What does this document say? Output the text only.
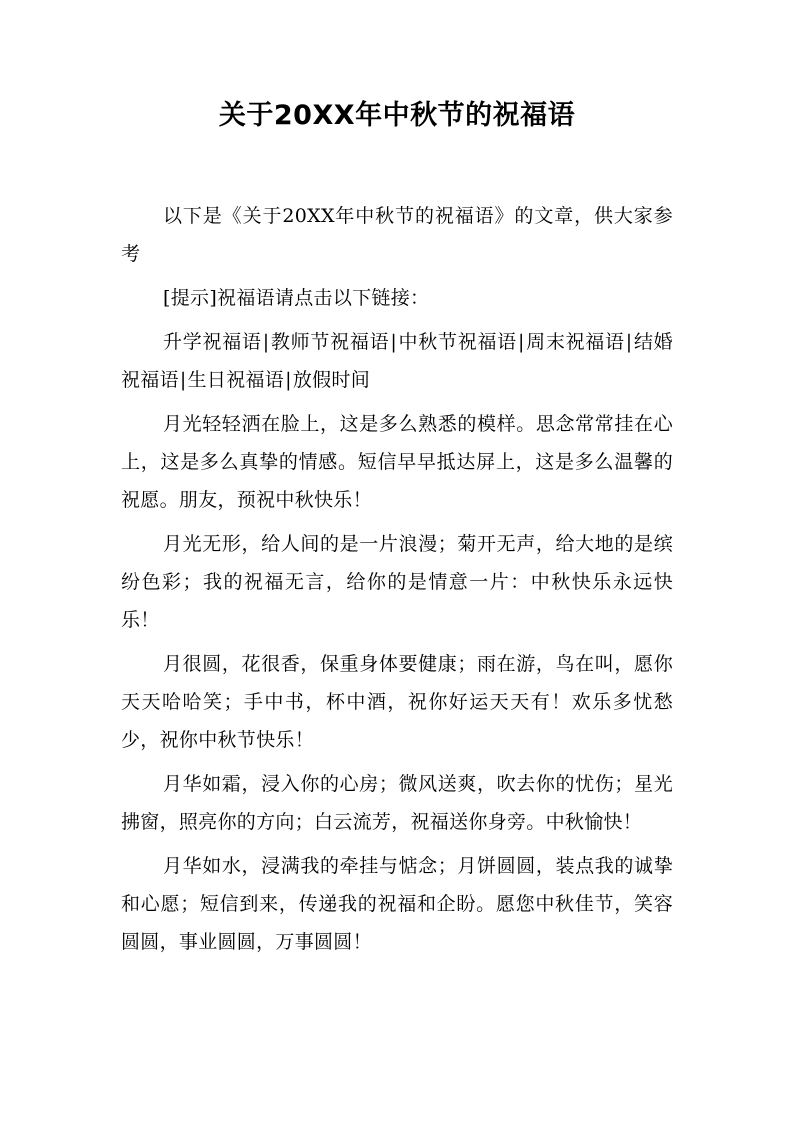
关于20XX年中秋节的祝福语

以下是《关于20XX年中秋节的祝福语》的文章，供大家参考

[提示]祝福语请点击以下链接：

升学祝福语|教师节祝福语|中秋节祝福语|周末祝福语|结婚祝福语|生日祝福语|放假时间

月光轻轻洒在脸上，这是多么熟悉的模样。思念常常挂在心上，这是多么真挚的情感。短信早早抵达屏上，这是多么温馨的祝愿。朋友，预祝中秋快乐！

月光无形，给人间的是一片浪漫；菊开无声，给大地的是缤纷色彩；我的祝福无言，给你的是情意一片：中秋快乐永远快乐！

月很圆，花很香，保重身体要健康；雨在游，鸟在叫，愿你天天哈哈笑；手中书，杯中酒，祝你好运天天有！欢乐多忧愁少，祝你中秋节快乐！

月华如霜，浸入你的心房；微风送爽，吹去你的忧伤；星光拂窗，照亮你的方向；白云流芳，祝福送你身旁。中秋愉快！

月华如水，浸满我的牵挂与惦念；月饼圆圆，装点我的诚挚和心愿；短信到来，传递我的祝福和企盼。愿您中秋佳节，笑容圆圆，事业圆圆，万事圆圆！
